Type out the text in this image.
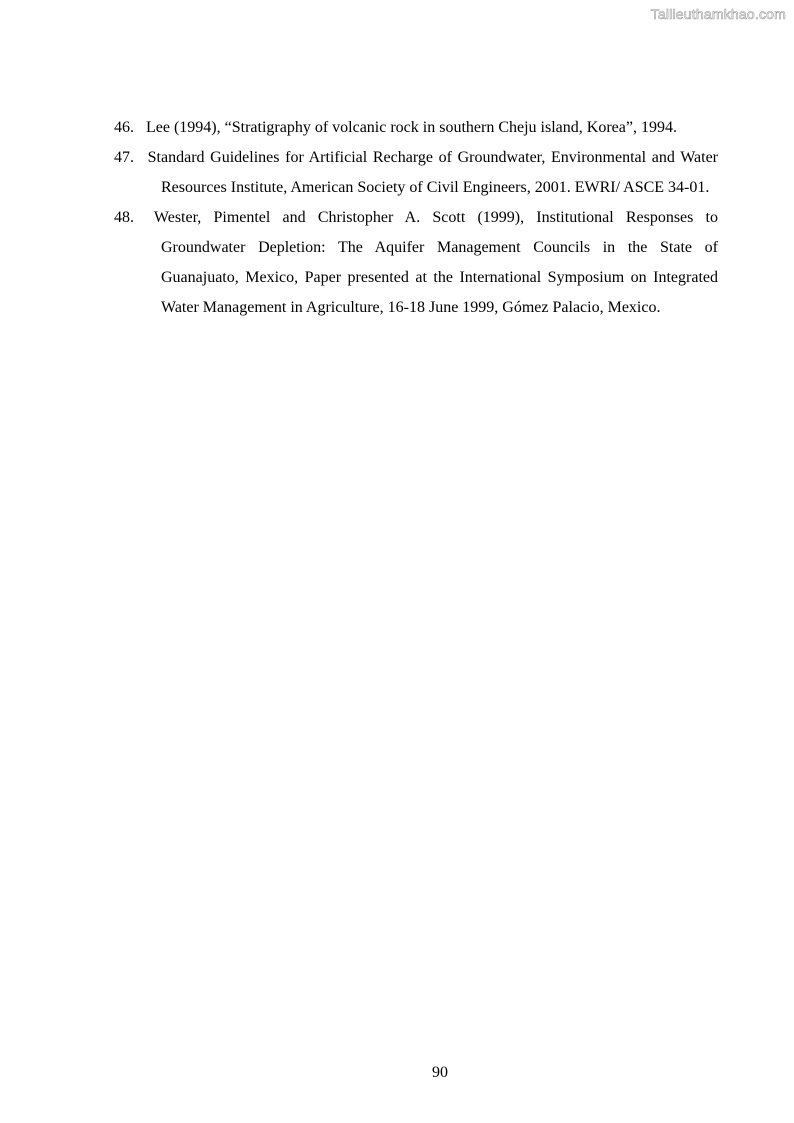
Tailieuthamkhao.com
46. Lee (1994), “Stratigraphy of volcanic rock in southern Cheju island, Korea”, 1994.
47. Standard Guidelines for Artificial Recharge of Groundwater, Environmental and Water Resources Institute, American Society of Civil Engineers, 2001. EWRI/ ASCE 34-01.
48. Wester, Pimentel and Christopher A. Scott (1999), Institutional Responses to Groundwater Depletion: The Aquifer Management Councils in the State of Guanajuato, Mexico, Paper presented at the International Symposium on Integrated Water Management in Agriculture, 16-18 June 1999, Gómez Palacio, Mexico.
90
